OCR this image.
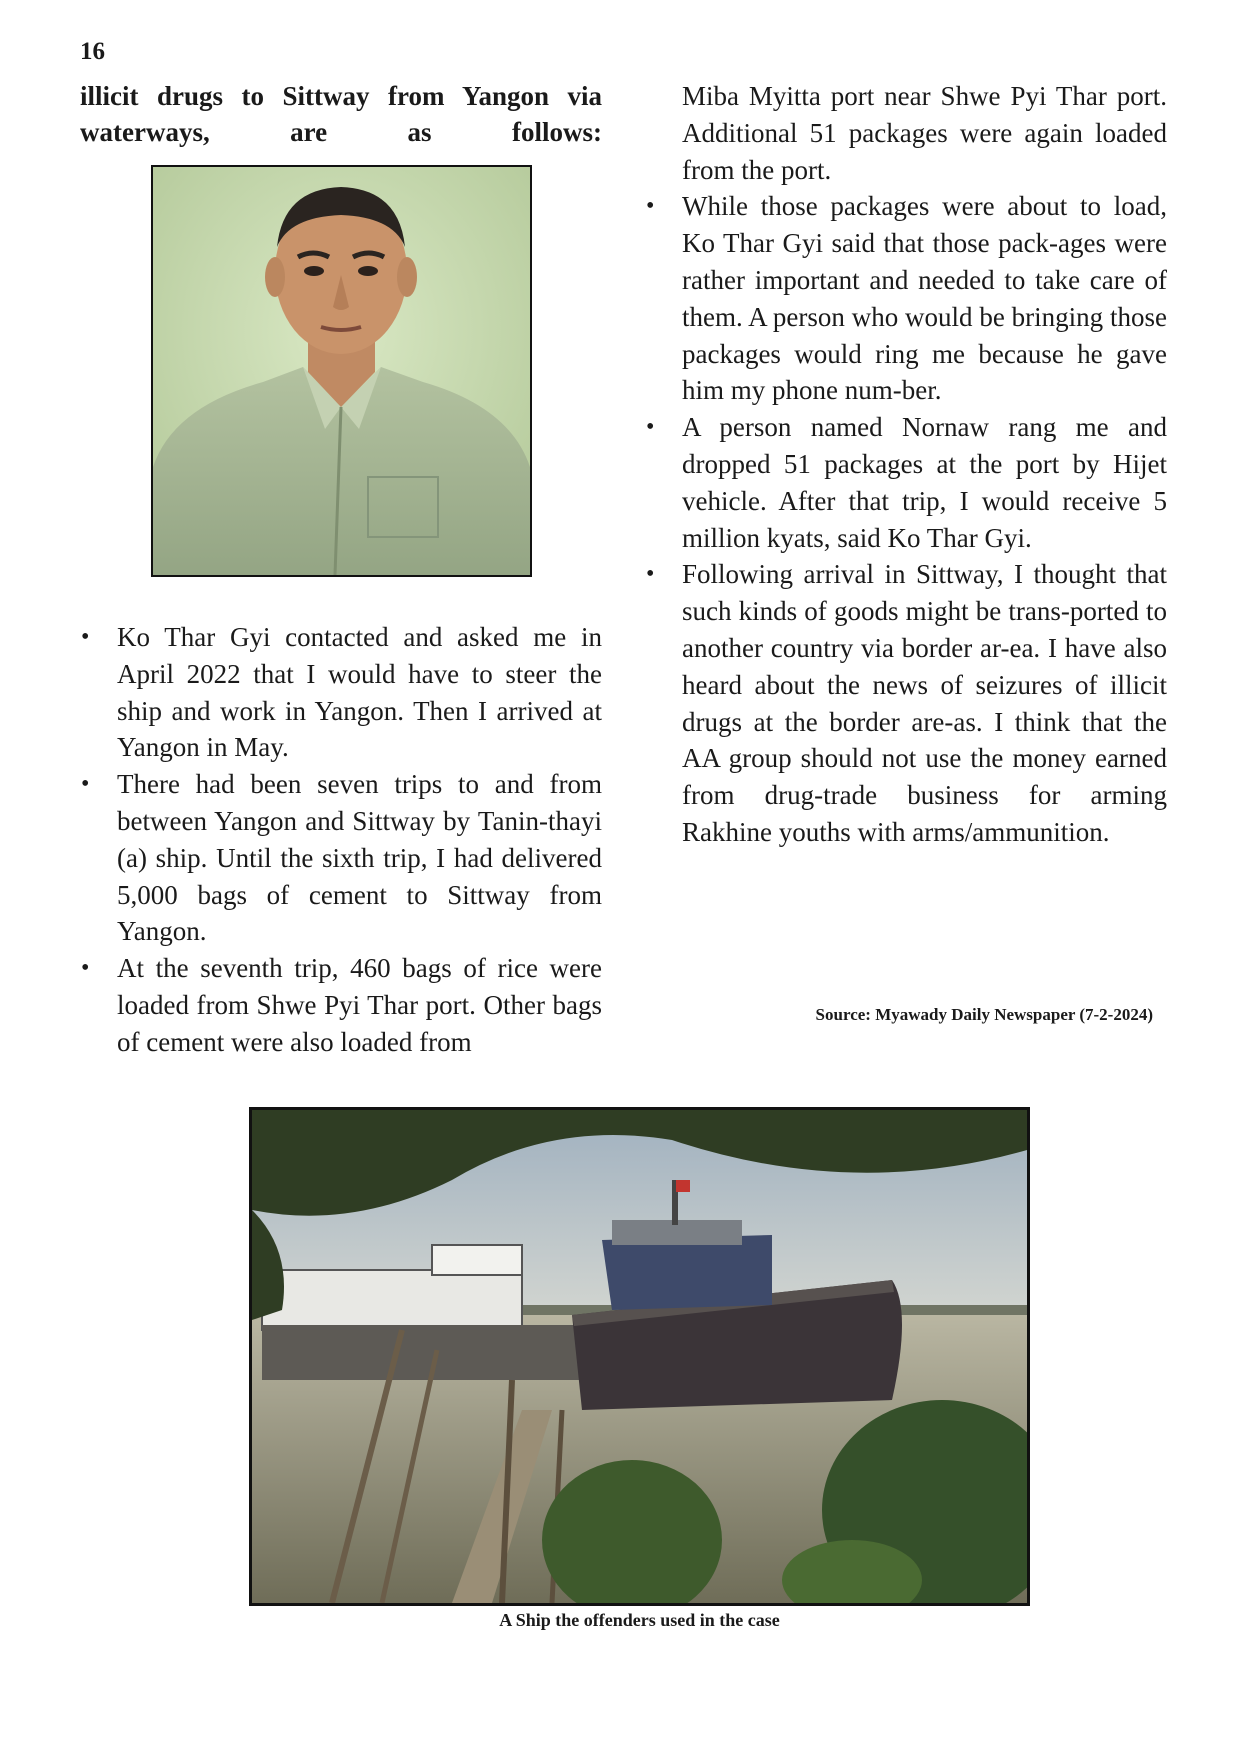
16

illicit drugs to Sittway from Yangon via waterways, are as follows:

• Ko Thar Gyi contacted and asked me in April 2022 that I would have to steer the ship and work in Yangon. Then I arrived at Yangon in May.
• There had been seven trips to and from between Yangon and Sittway by Tanin-thayi (a) ship. Until the sixth trip, I had delivered 5,000 bags of cement to Sittway from Yangon.
• At the seventh trip, 460 bags of rice were loaded from Shwe Pyi Thar port. Other bags of cement were also loaded from
Miba Myitta port near Shwe Pyi Thar port. Additional 51 packages were again loaded from the port.
• While those packages were about to load, Ko Thar Gyi said that those pack-ages were rather important and needed to take care of them. A person who would be bringing those packages would ring me because he gave him my phone num-ber.
• A person named Nornaw rang me and dropped 51 packages at the port by Hijet vehicle. After that trip, I would receive 5 million kyats, said Ko Thar Gyi.
• Following arrival in Sittway, I thought that such kinds of goods might be trans-ported to another country via border ar-ea. I have also heard about the news of seizures of illicit drugs at the border are-as. I think that the AA group should not use the money earned from drug-trade business for arming Rakhine youths with arms/ammunition.
Source: Myawady Daily Newspaper (7-2-2024)
A Ship the offenders used in the case
